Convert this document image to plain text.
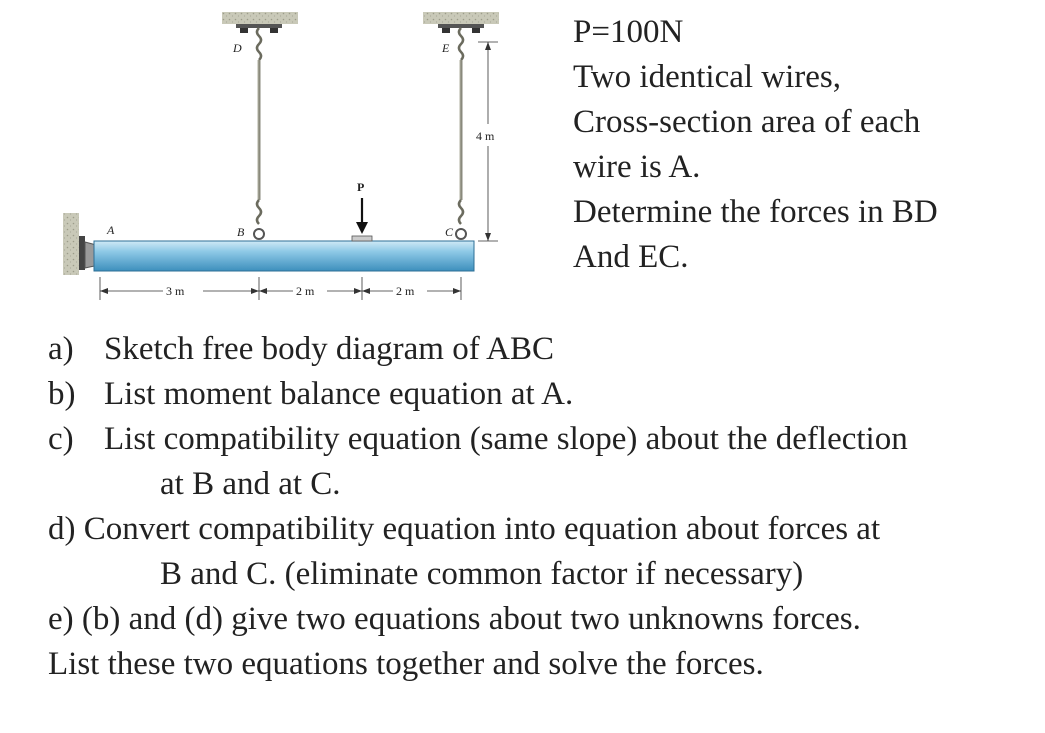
A	B	C
D	E
P
3 m	2 m	2 m
4 m
P=100N
Two identical wires,
Cross-section area of each
wire is A.
Determine the forces in BD
And EC.
a) Sketch free body diagram of ABC
b) List moment balance equation at A.
c) List compatibility equation (same slope) about the deflection
at B and at C.
d) Convert compatibility equation into equation about forces at
B and C. (eliminate common factor if necessary)
e) (b) and (d) give two equations about two unknowns forces.
List these two equations together and solve the forces.
